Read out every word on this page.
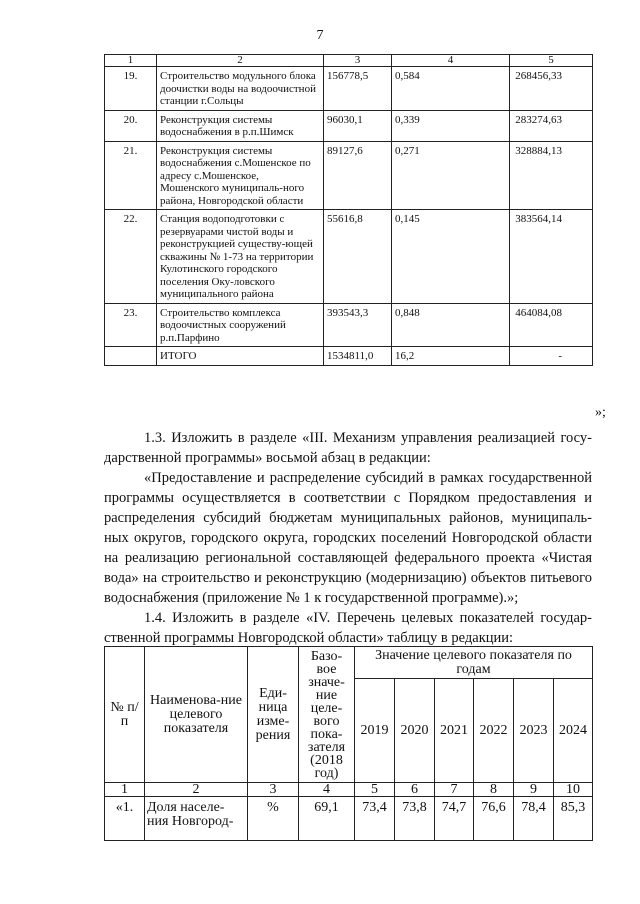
7
1	2	3	4	5
19.	Строительство модульного блока доочистки воды на водоочистной станции г.Сольцы	156778,5	0,584	268456,33
20.	Реконструкция системы водоснабжения в р.п.Шимск	96030,1	0,339	283274,63
21.	Реконструкция системы водоснабжения с.Мошенское по адресу с.Мошенское, Мошенского муниципаль-ного района, Новгородской области	89127,6	0,271	328884,13
22.	Станция водоподготовки с резервуарами чистой воды и реконструкцией существу-ющей скважины № 1-73 на территории Кулотинского городского поселения Оку-ловского муниципального района	55616,8	0,145	383564,14
23.	Строительство комплекса водоочистных сооружений р.п.Парфино	393543,3	0,848	464084,08
	ИТОГО	1534811,0	16,2	-
»;

1.3. Изложить в разделе «III. Механизм управления реализацией госу-дарственной программы» восьмой абзац в редакции:

«Предоставление и распределение субсидий в рамках государственной программы осуществляется в соответствии с Порядком предоставления и распределения субсидий бюджетам муниципальных районов, муниципаль-ных округов, городского округа, городских поселений Новгородской области на реализацию региональной составляющей федерального проекта «Чистая вода» на строительство и реконструкцию (модернизацию) объектов питьевого водоснабжения (приложение № 1 к государственной программе).»;

1.4. Изложить в разделе «IV. Перечень целевых показателей государ-ственной программы Новгородской области» таблицу в редакции:

№ п/п	Наименова-ние целевого показателя	Еди-ница изме-рения	Базо-вое значе-ние целе-вого пока-зателя (2018 год)	Значение целевого показателя по годам					
				2019	2020	2021	2022	2023	2024
1	2	3	4	5	6	7	8	9	10
«1.	Доля населе-ния Новгород-	%	69,1	73,4	73,8	74,7	76,6	78,4	85,3
